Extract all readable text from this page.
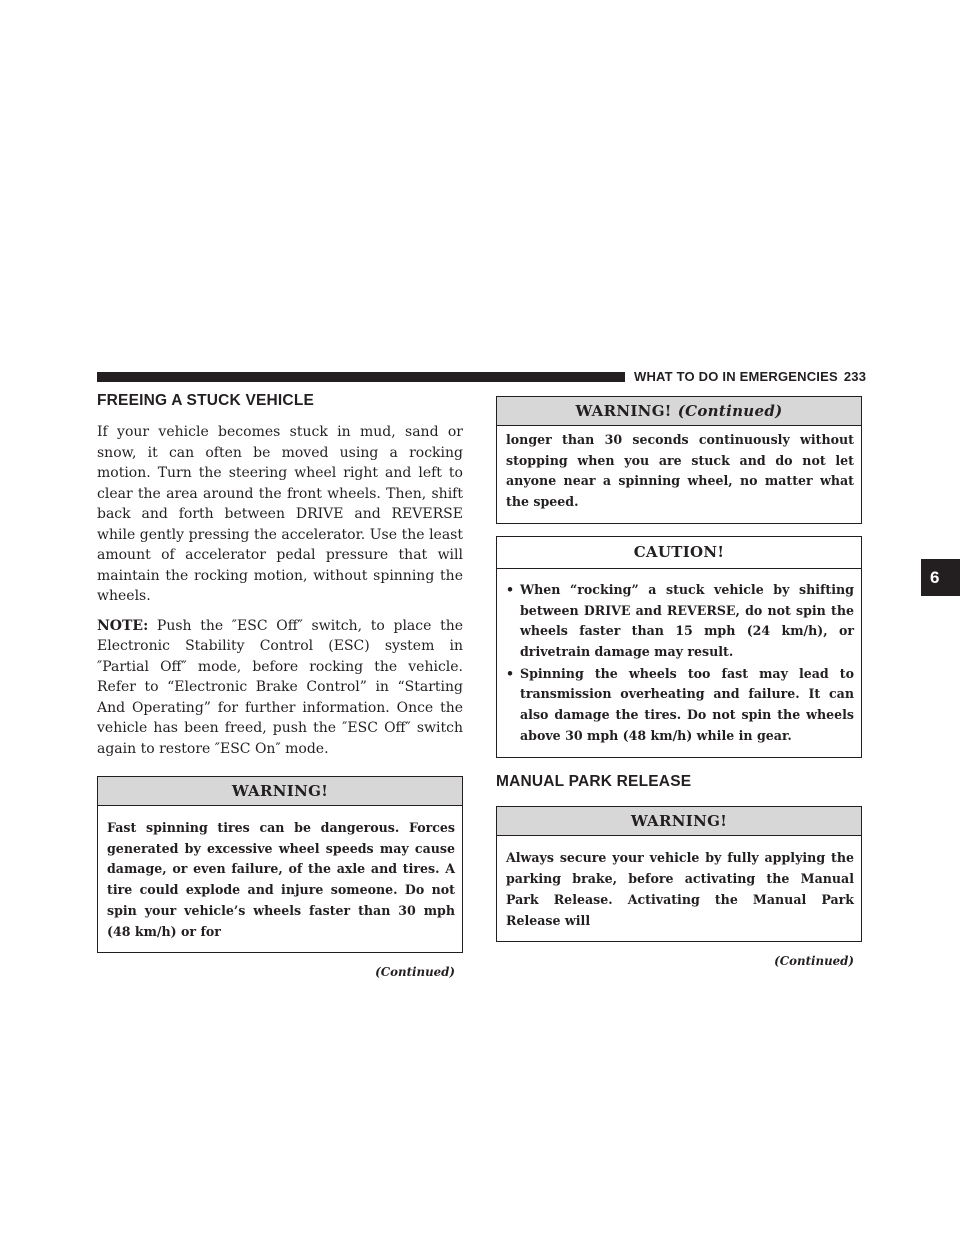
WHAT TO DO IN EMERGENCIES 233
6
FREEING A STUCK VEHICLE

If your vehicle becomes stuck in mud, sand or snow, it can often be moved using a rocking motion. Turn the steering wheel right and left to clear the area around the front wheels. Then, shift back and forth between DRIVE and REVERSE while gently pressing the accelerator. Use the least amount of accelerator pedal pressure that will maintain the rocking motion, without spinning the wheels.

NOTE: Push the ″ESC Off″ switch, to place the Electronic Stability Control (ESC) system in ″Partial Off″ mode, before rocking the vehicle. Refer to “Electronic Brake Control” in “Starting And Operating” for further information. Once the vehicle has been freed, push the ″ESC Off″ switch again to restore ″ESC On″ mode.

WARNING!
Fast spinning tires can be dangerous. Forces generated by excessive wheel speeds may cause damage, or even failure, of the axle and tires. A tire could explode and injure someone. Do not spin your vehicle’s wheels faster than 30 mph (48 km/h) or for
(Continued)
WARNING! (Continued)
longer than 30 seconds continuously without stopping when you are stuck and do not let anyone near a spinning wheel, no matter what the speed.
CAUTION!
• When “rocking” a stuck vehicle by shifting between DRIVE and REVERSE, do not spin the wheels faster than 15 mph (24 km/h), or drivetrain damage may result.
• Spinning the wheels too fast may lead to transmission overheating and failure. It can also damage the tires. Do not spin the wheels above 30 mph (48 km/h) while in gear.
MANUAL PARK RELEASE
WARNING!
Always secure your vehicle by fully applying the parking brake, before activating the Manual Park Release. Activating the Manual Park Release will
(Continued)
